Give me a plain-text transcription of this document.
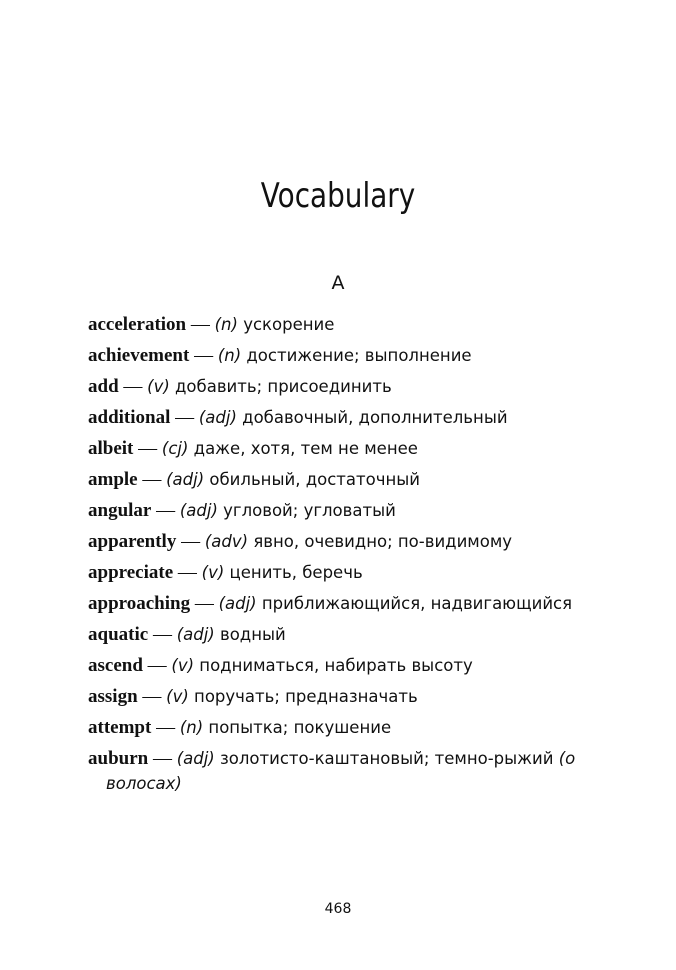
Vocabulary
A
acceleration — (n) ускорение
achievement — (n) достижение; выполнение
add — (v) добавить; присоединить
additional — (adj) добавочный, дополнительный
albeit — (cj) даже, хотя, тем не менее
ample — (adj) обильный, достаточный
angular — (adj) угловой; угловатый
apparently — (adv) явно, очевидно; по-видимому
appreciate — (v) ценить, беречь
approaching — (adj) приближающийся, надвигающийся
aquatic — (adj) водный
ascend — (v) подниматься, набирать высоту
assign — (v) поручать; предназначать
attempt — (n) попытка; покушение
auburn — (adj) золотисто-каштановый; темно-рыжий (о волосах)
468
